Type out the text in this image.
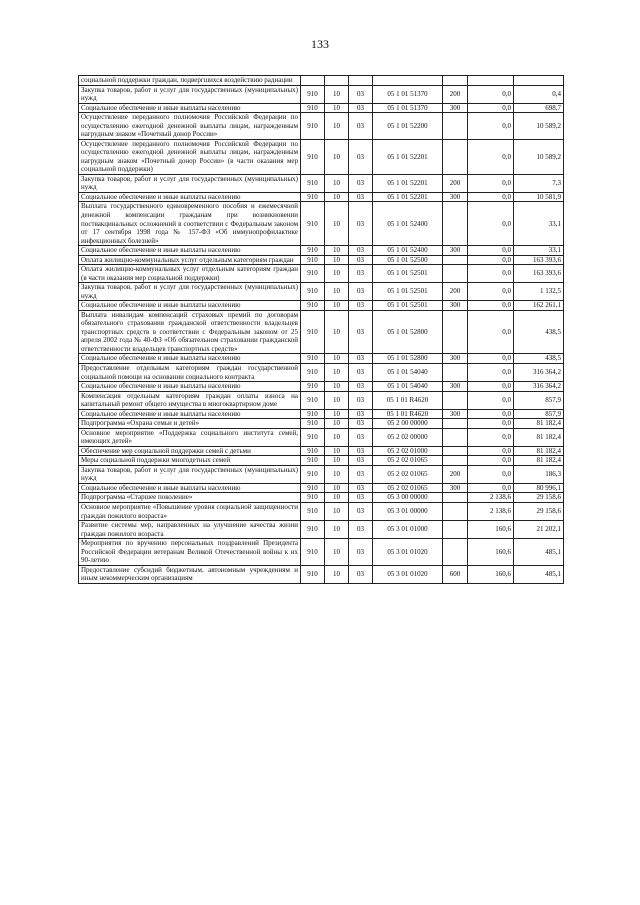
133
социальной поддержки граждан, подвергшихся воздействию радиации							
Закупка товаров, работ и услуг для государственных (муниципальных) нужд	910	10	03	05 1 01 51370	200	0,0	0,4
Социальное обеспечение и иные выплаты населению	910	10	03	05 1 01 51370	300	0,0	698,7
Осуществление переданного полномочия Российской Федерации по осуществлению ежегодной денежной выплаты лицам, награжденным нагрудным знаком «Почетный донор России»	910	10	03	05 1 01 52200		0,0	10 589,2
Осуществление переданного полномочия Российской Федерации по осуществлению ежегодной денежной выплаты лицам, награжденным нагрудным знаком «Почетный донор России» (в части оказания мер социальной поддержки)	910	10	03	05 1 01 52201		0,0	10 589,2
Закупка товаров, работ и услуг для государственных (муниципальных) нужд	910	10	03	05 1 01 52201	200	0,0	7,3
Социальное обеспечение и иные выплаты населению	910	10	03	05 1 01 52201	300	0,0	10 581,9
Выплата государственного единовременного пособия и ежемесячной денежной компенсации гражданам при возникновении поствакцинальных осложнений в соответствии с Федеральным законом от 17 сентября 1998 года № 157-ФЗ «Об иммунопрофилактике инфекционных болезней»	910	10	03	05 1 01 52400		0,0	33,1
Социальное обеспечение и иные выплаты населению	910	10	03	05 1 01 52400	300	0,0	33,1
Оплата жилищно-коммунальных услуг отдельным категориям граждан	910	10	03	05 1 01 52500		0,0	163 393,6
Оплата жилищно-коммунальных услуг отдельным категориям граждан (в части оказания мер социальной поддержки)	910	10	03	05 1 01 52501		0,0	163 393,6
Закупка товаров, работ и услуг для государственных (муниципальных) нужд	910	10	03	05 1 01 52501	200	0,0	1 132,5
Социальное обеспечение и иные выплаты населению	910	10	03	05 1 01 52501	300	0,0	162 261,1
Выплата инвалидам компенсаций страховых премий по договорам обязательного страхования гражданской ответственности владельцев транспортных средств в соответствии с Федеральным законом от 25 апреля 2002 года № 40-ФЗ «Об обязательном страховании гражданской ответственности владельцев транспортных средств»	910	10	03	05 1 01 52800		0,0	438,5
Социальное обеспечение и иные выплаты населению	910	10	03	05 1 01 52800	300	0,0	438,5
Предоставление отдельным категориям граждан государственной социальной помощи на основании социального контракта	910	10	03	05 1 01 54040		0,0	316 364,2
Социальное обеспечение и иные выплаты населению	910	10	03	05 1 01 54040	300	0,0	316 364,2
Компенсация отдельным категориям граждан оплаты взноса на капитальный ремонт общего имущества в многоквартирном доме	910	10	03	05 1 01 R4620		0,0	857,9
Социальное обеспечение и иные выплаты населению	910	10	03	05 1 01 R4620	300	0,0	857,9
Подпрограмма «Охрана семьи и детей»	910	10	03	05 2 00 00000		0,0	81 182,4
Основное мероприятие «Поддержка социального института семей, имеющих детей»	910	10	03	05 2 02 00000		0,0	81 182,4
Обеспечение мер социальной поддержки семей с детьми	910	10	03	05 2 02 01000		0,0	81 182,4
Меры социальной поддержки многодетных семей	910	10	03	05 2 02 01065		0,0	81 182,4
Закупка товаров, работ и услуг для государственных (муниципальных) нужд	910	10	03	05 2 02 01065	200	0,0	186,3
Социальное обеспечение и иные выплаты населению	910	10	03	05 2 02 01065	300	0,0	80 996,1
Подпрограмма «Старшее поколение»	910	10	03	05 3 00 00000		2 138,6	29 158,6
Основное мероприятие «Повышение уровня социальной защищенности граждан пожилого возраста»	910	10	03	05 3 01 00000		2 138,6	29 158,6
Развитие системы мер, направленных на улучшение качества жизни граждан пожилого возраста	910	10	03	05 3 01 01000		160,6	21 202,1
Мероприятия по вручению персональных поздравлений Президента Российской Федерации ветеранам Великой Отечественной войны к их 90-летию	910	10	03	05 3 01 01020		160,6	485,1
Предоставление субсидий бюджетным, автономным учреждениям и иным некоммерческим организациям	910	10	03	05 3 01 01020	600	160,6	485,1
